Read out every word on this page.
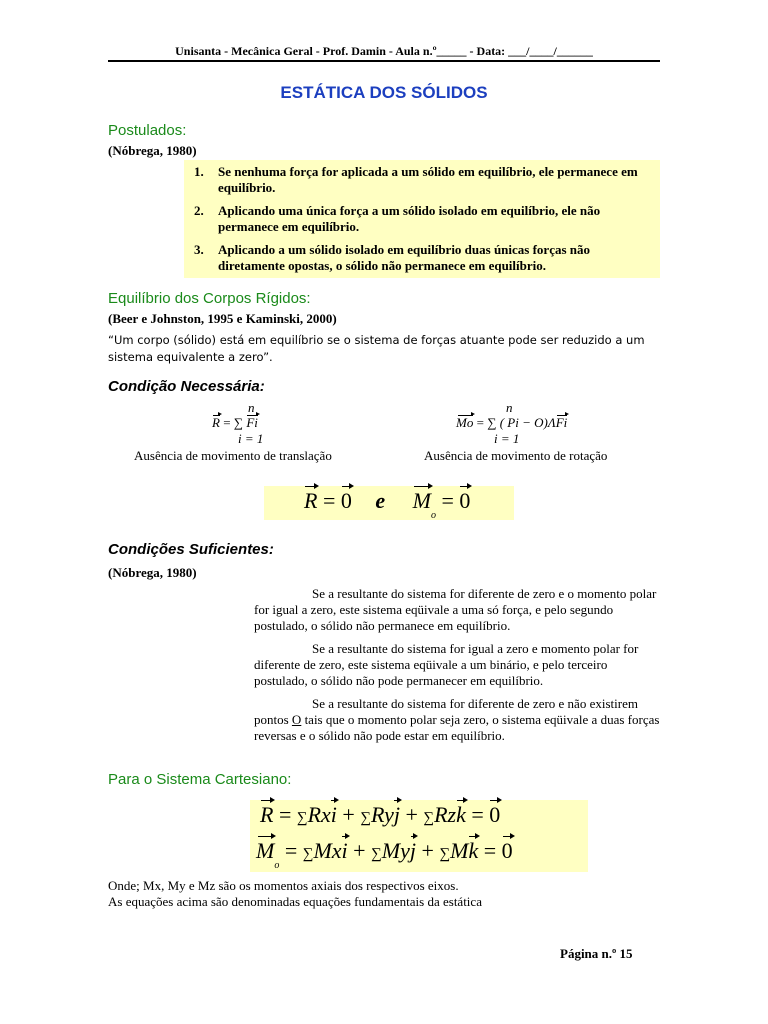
Unisanta - Mecânica Geral - Prof. Damin - Aula n.º_____ - Data: ___/____/______
ESTÁTICA DOS SÓLIDOS
Postulados:
(Nóbrega, 1980)
1. Se nenhuma força for aplicada a um sólido em equilíbrio, ele permanece em equilíbrio.
2. Aplicando uma única força a um sólido isolado em equilíbrio, ele não permanece em equilíbrio.
3. Aplicando a um sólido isolado em equilíbrio duas únicas forças não diretamente opostas, o sólido não permanece em equilíbrio.
Equilíbrio dos Corpos Rígidos:
(Beer e Johnston, 1995 e Kaminski, 2000)
“Um corpo (sólido) está em equilíbrio se o sistema de forças atuante pode ser reduzido a um sistema equivalente a zero”.
Condição Necessária:
n
R = ∑ Fi
i = 1
n
Mo = ∑ ( Pi − O)ΛFi
i = 1
Ausência de movimento de translação	Ausência de movimento de rotação
R = 0 e $M_o = 0$
Condições Suficientes:
(Nóbrega, 1980)

Se a resultante do sistema for diferente de zero e o momento polar for igual a zero, este sistema eqüivale a uma só força, e pelo segundo postulado, o sólido não permanece em equilíbrio.

Se a resultante do sistema for igual a zero e momento polar for diferente de zero, este sistema eqüivale a um binário, e pelo terceiro postulado, o sólido não pode permanecer em equilíbrio.

Se a resultante do sistema for diferente de zero e não existirem pontos O tais que o momento polar seja zero, o sistema eqüivale a duas forças reversas e o sólido não pode estar em equilíbrio.

Para o Sistema Cartesiano:
R = ∑Rxi + ∑Ryj + ∑Rzk = 0
$M_o = \sum Mxi + \sum Myj + \sum Mk = 0$
Onde; Mx, My e Mz são os momentos axiais dos respectivos eixos.
As equações acima são denominadas equações fundamentais da estática
Página n.º 15
